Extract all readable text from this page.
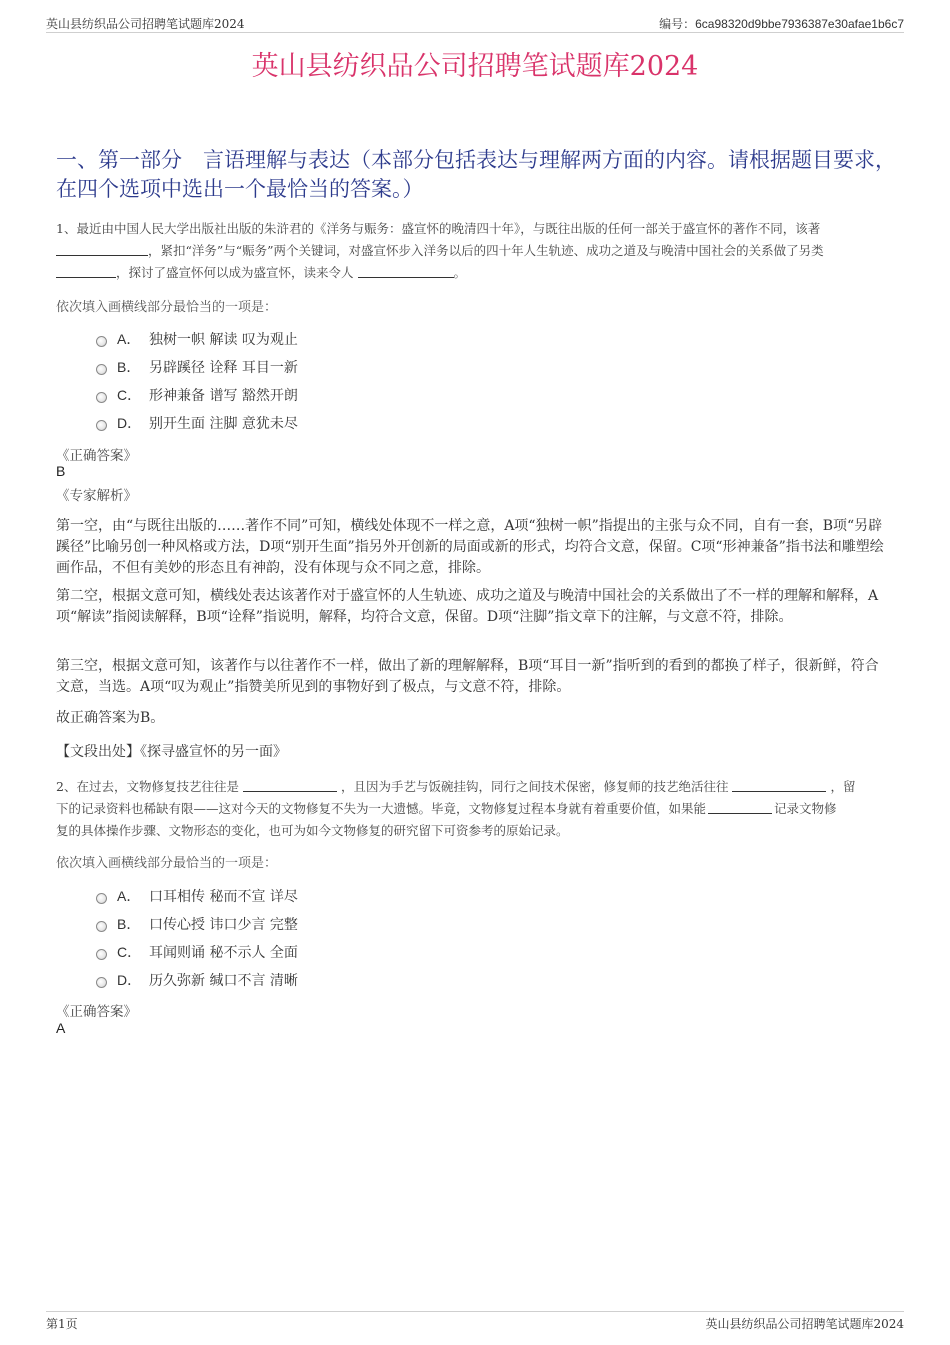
英山县纺织品公司招聘笔试题库2024	编号：6ca98320d9bbe7936387e30afae1b6c7
英山县纺织品公司招聘笔试题库2024
一、第一部分　言语理解与表达（本部分包括表达与理解两方面的内容。请根据题目要求，在四个选项中选出一个最恰当的答案。）
1、最近由中国人民大学出版社出版的朱浒君的《洋务与赈务：盛宣怀的晚清四十年》，与既往出版的任何一部关于盛宣怀的著作不同，该著
，紧扣“洋务”与“赈务”两个关键词，对盛宣怀步入洋务以后的四十年人生轨迹、成功之道及与晚清中国社会的关系做了另类
，探讨了盛宣怀何以成为盛宣怀，读来令人	。
依次填入画横线部分最恰当的一项是：
A． 独树一帜 解读 叹为观止
B． 另辟蹊径 诠释 耳目一新
C． 形神兼备 谱写 豁然开朗
D． 别开生面 注脚 意犹未尽
《正确答案》
B
《专家解析》
第一空，由“与既往出版的……著作不同”可知，横线处体现不一样之意，A项“独树一帜”指提出的主张与众不同，自有一套，B项“另辟蹊径”比喻另创一种风格或方法，D项“别开生面”指另外开创新的局面或新的形式，均符合文意，保留。C项“形神兼备”指书法和雕塑绘画作品，不但有美妙的形态且有神韵，没有体现与众不同之意，排除。
第二空，根据文意可知，横线处表达该著作对于盛宣怀的人生轨迹、成功之道及与晚清中国社会的关系做出了不一样的理解和解释，A项“解读”指阅读解释，B项“诠释”指说明，解释，均符合文意，保留。D项“注脚”指文章下的注解，与文意不符，排除。
第三空，根据文意可知，该著作与以往著作不一样，做出了新的理解解释，B项“耳目一新”指听到的看到的都换了样子，很新鲜，符合文意，当选。A项“叹为观止”指赞美所见到的事物好到了极点，与文意不符，排除。
故正确答案为B。
【文段出处】《探寻盛宣怀的另一面》
2、在过去，文物修复技艺往往是	，且因为手艺与饭碗挂钩，同行之间技术保密，修复师的技艺绝活往往	，留
下的记录资料也稀缺有限——这对今天的文物修复不失为一大遗憾。毕竟，文物修复过程本身就有着重要价值，如果能	记录文物修
复的具体操作步骤、文物形态的变化，也可为如今文物修复的研究留下可资参考的原始记录。
依次填入画横线部分最恰当的一项是：
A． 口耳相传 秘而不宣 详尽
B． 口传心授 讳口少言 完整
C． 耳闻则诵 秘不示人 全面
D． 历久弥新 缄口不言 清晰
《正确答案》
A
第1页	英山县纺织品公司招聘笔试题库2024
